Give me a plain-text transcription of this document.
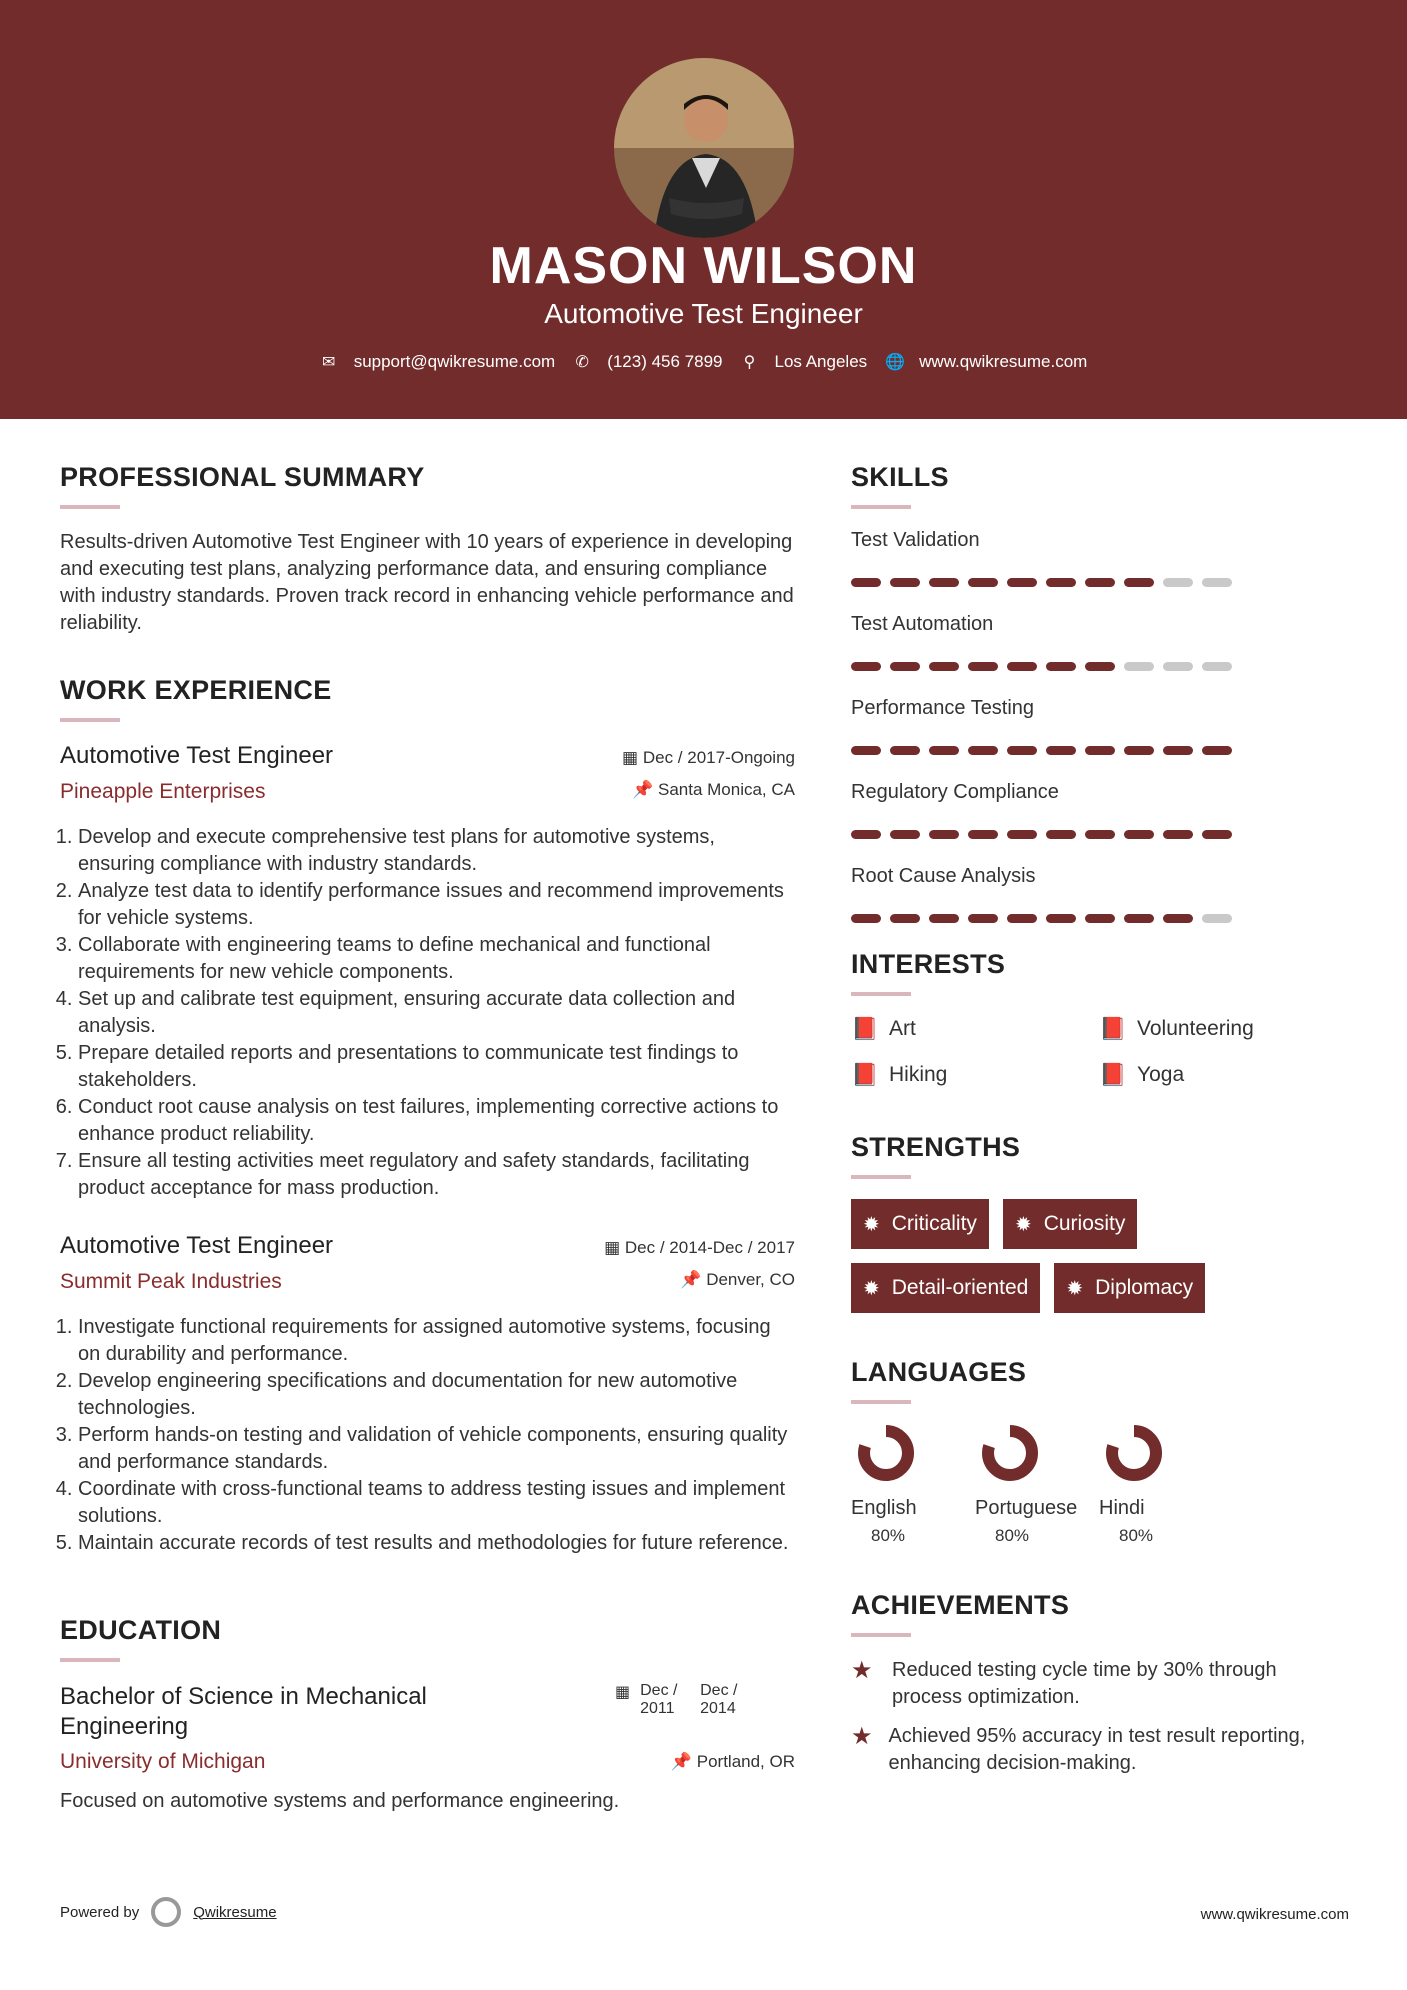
MASON WILSON
Automotive Test Engineer
✉ support@qwikresume.com ✆ (123) 456 7899 ⚲ Los Angeles 🌐 www.qwikresume.com
PROFESSIONAL SUMMARY

Results-driven Automotive Test Engineer with 10 years of experience in developing and executing test plans, analyzing performance data, and ensuring compliance with industry standards. Proven track record in enhancing vehicle performance and reliability.

WORK EXPERIENCE
Automotive Test Engineer
Pineapple Enterprises
▦ Dec / 2017-Ongoing
📌 Santa Monica, CA
1. Develop and execute comprehensive test plans for automotive systems, ensuring compliance with industry standards.
2. Analyze test data to identify performance issues and recommend improvements for vehicle systems.
3. Collaborate with engineering teams to define mechanical and functional requirements for new vehicle components.
4. Set up and calibrate test equipment, ensuring accurate data collection and analysis.
5. Prepare detailed reports and presentations to communicate test findings to stakeholders.
6. Conduct root cause analysis on test failures, implementing corrective actions to enhance product reliability.
7. Ensure all testing activities meet regulatory and safety standards, facilitating product acceptance for mass production.
Automotive Test Engineer
Summit Peak Industries
▦ Dec / 2014-Dec / 2017
📌 Denver, CO
1. Investigate functional requirements for assigned automotive systems, focusing on durability and performance.
2. Develop engineering specifications and documentation for new automotive technologies.
3. Perform hands-on testing and validation of vehicle components, ensuring quality and performance standards.
4. Coordinate with cross-functional teams to address testing issues and implement solutions.
5. Maintain accurate records of test results and methodologies for future reference.
EDUCATION
Bachelor of Science in Mechanical Engineering
University of Michigan
▦ Dec / 2011
Dec / 2014
📌 Portland, OR

Focused on automotive systems and performance engineering.

SKILLS
Test Validation
Test Automation
Performance Testing
Regulatory Compliance
Root Cause Analysis
INTERESTS
📕 Art	📕 Volunteering
📕 Hiking	📕 Yoga
STRENGTHS
✹ Criticality ✹ Curiosity
✹ Detail-oriented ✹ Diplomacy
LANGUAGES
English
80%
Portuguese
80%
Hindi
80%
ACHIEVEMENTS
★ Reduced testing cycle time by 30% through process optimization.
★ Achieved 95% accuracy in test result reporting, enhancing decision-making.
Powered by	Qwikresume	www.qwikresume.com
